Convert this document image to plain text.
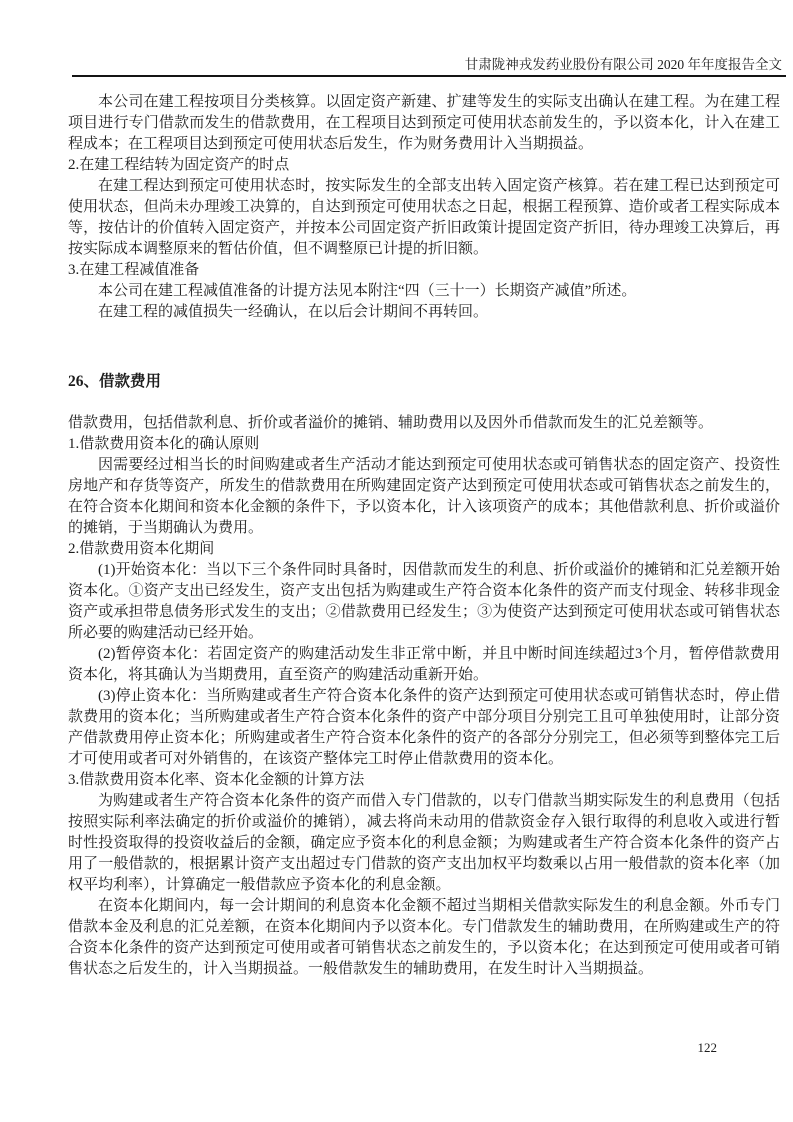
甘肃陇神戎发药业股份有限公司 2020 年年度报告全文

本公司在建工程按项目分类核算。以固定资产新建、扩建等发生的实际支出确认在建工程。为在建工程项目进行专门借款而发生的借款费用，在工程项目达到预定可使用状态前发生的，予以资本化，计入在建工程成本；在工程项目达到预定可使用状态后发生，作为财务费用计入当期损益。

2.在建工程结转为固定资产的时点

在建工程达到预定可使用状态时，按实际发生的全部支出转入固定资产核算。若在建工程已达到预定可使用状态，但尚未办理竣工决算的，自达到预定可使用状态之日起，根据工程预算、造价或者工程实际成本等，按估计的价值转入固定资产，并按本公司固定资产折旧政策计提固定资产折旧，待办理竣工决算后，再按实际成本调整原来的暂估价值，但不调整原已计提的折旧额。

3.在建工程减值准备

本公司在建工程减值准备的计提方法见本附注“四（三十一）长期资产减值”所述。

在建工程的减值损失一经确认，在以后会计期间不再转回。

26、借款费用

借款费用，包括借款利息、折价或者溢价的摊销、辅助费用以及因外币借款而发生的汇兑差额等。

1.借款费用资本化的确认原则

因需要经过相当长的时间购建或者生产活动才能达到预定可使用状态或可销售状态的固定资产、投资性房地产和存货等资产，所发生的借款费用在所购建固定资产达到预定可使用状态或可销售状态之前发生的，在符合资本化期间和资本化金额的条件下，予以资本化，计入该项资产的成本；其他借款利息、折价或溢价的摊销，于当期确认为费用。

2.借款费用资本化期间

(1)开始资本化：当以下三个条件同时具备时，因借款而发生的利息、折价或溢价的摊销和汇兑差额开始资本化。①资产支出已经发生，资产支出包括为购建或生产符合资本化条件的资产而支付现金、转移非现金资产或承担带息债务形式发生的支出；②借款费用已经发生；③为使资产达到预定可使用状态或可销售状态所必要的购建活动已经开始。

(2)暂停资本化：若固定资产的购建活动发生非正常中断，并且中断时间连续超过3个月，暂停借款费用资本化，将其确认为当期费用，直至资产的购建活动重新开始。

(3)停止资本化：当所购建或者生产符合资本化条件的资产达到预定可使用状态或可销售状态时，停止借款费用的资本化；当所购建或者生产符合资本化条件的资产中部分项目分别完工且可单独使用时，让部分资产借款费用停止资本化；所购建或者生产符合资本化条件的资产的各部分分别完工，但必须等到整体完工后才可使用或者可对外销售的，在该资产整体完工时停止借款费用的资本化。

3.借款费用资本化率、资本化金额的计算方法

为购建或者生产符合资本化条件的资产而借入专门借款的，以专门借款当期实际发生的利息费用（包括按照实际利率法确定的折价或溢价的摊销），减去将尚未动用的借款资金存入银行取得的利息收入或进行暂时性投资取得的投资收益后的金额，确定应予资本化的利息金额；为购建或者生产符合资本化条件的资产占用了一般借款的，根据累计资产支出超过专门借款的资产支出加权平均数乘以占用一般借款的资本化率（加权平均利率），计算确定一般借款应予资本化的利息金额。

在资本化期间内，每一会计期间的利息资本化金额不超过当期相关借款实际发生的利息金额。外币专门借款本金及利息的汇兑差额，在资本化期间内予以资本化。专门借款发生的辅助费用，在所购建或生产的符合资本化条件的资产达到预定可使用或者可销售状态之前发生的，予以资本化；在达到预定可使用或者可销售状态之后发生的，计入当期损益。一般借款发生的辅助费用，在发生时计入当期损益。

122
